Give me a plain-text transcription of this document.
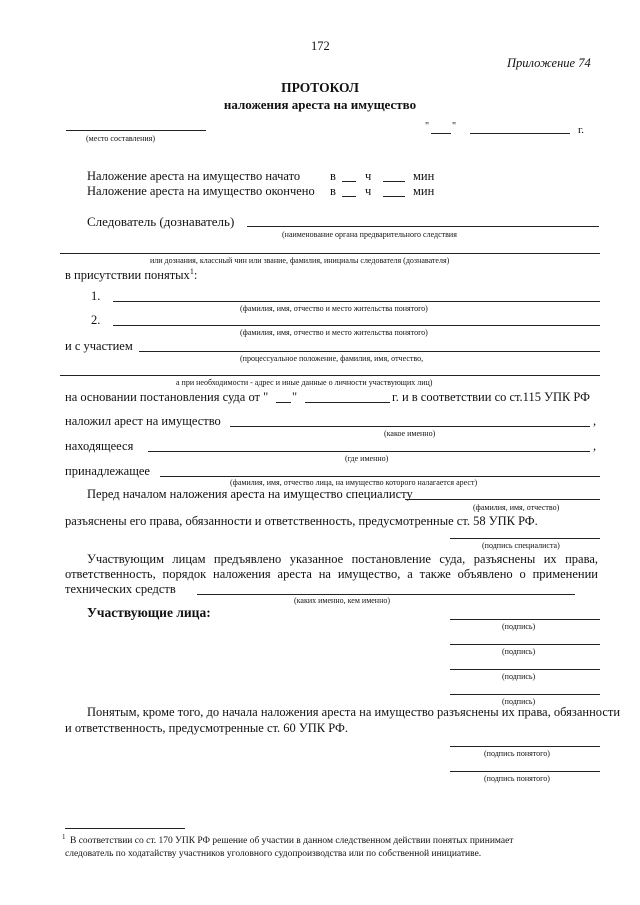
172
Приложение 74
ПРОТОКОЛ
наложения ареста на имущество
(место составления)
" "	г.
Наложение ареста на имущество начато в ч	мин
Наложение ареста на имущество окончено в ч	мин
Следователь (дознаватель)
(наименование органа предварительного следствия
или дознания, классный чин или звание, фамилия, инициалы следователя (дознавателя)
в присутствии понятых$^1$:
1.
(фамилия, имя, отчество и место жительства понятого)
2.
(фамилия, имя, отчество и место жительства понятого)
и с участием
(процессуальное положение, фамилия, имя, отчество,
а при необходимости - адрес и иные данные о личности участвующих лиц)
на основании постановления суда от " "	г. и в соответствии со ст.115 УПК РФ
наложил арест на имущество	,
(какое именно)
находящееся	,
(где именно)
принадлежащее
(фамилия, имя, отчество лица, на имущество которого налагается арест)
Перед началом наложения ареста на имущество специалисту
(фамилия, имя, отчество)
разъяснены его права, обязанности и ответственность, предусмотренные ст. 58 УПК РФ.
(подпись специалиста)
Участвующим лицам предъявлено указанное постановление суда, разъяснены их права,
ответственность, порядок наложения ареста на имущество, а также объявлено о применении
технических средств
(каких именно, кем именно)
Участвующие лица:
(подпись)
(подпись)
(подпись)
(подпись)
Понятым, кроме того, до начала наложения ареста на имущество разъяснены их права, обязанности
и ответственность, предусмотренные ст. 60 УПК РФ.
(подпись понятого)
(подпись понятого)
1 В соответствии со ст. 170 УПК РФ решение об участии в данном следственном действии понятых принимает
следователь по ходатайству участников уголовного судопроизводства или по собственной инициативе.
